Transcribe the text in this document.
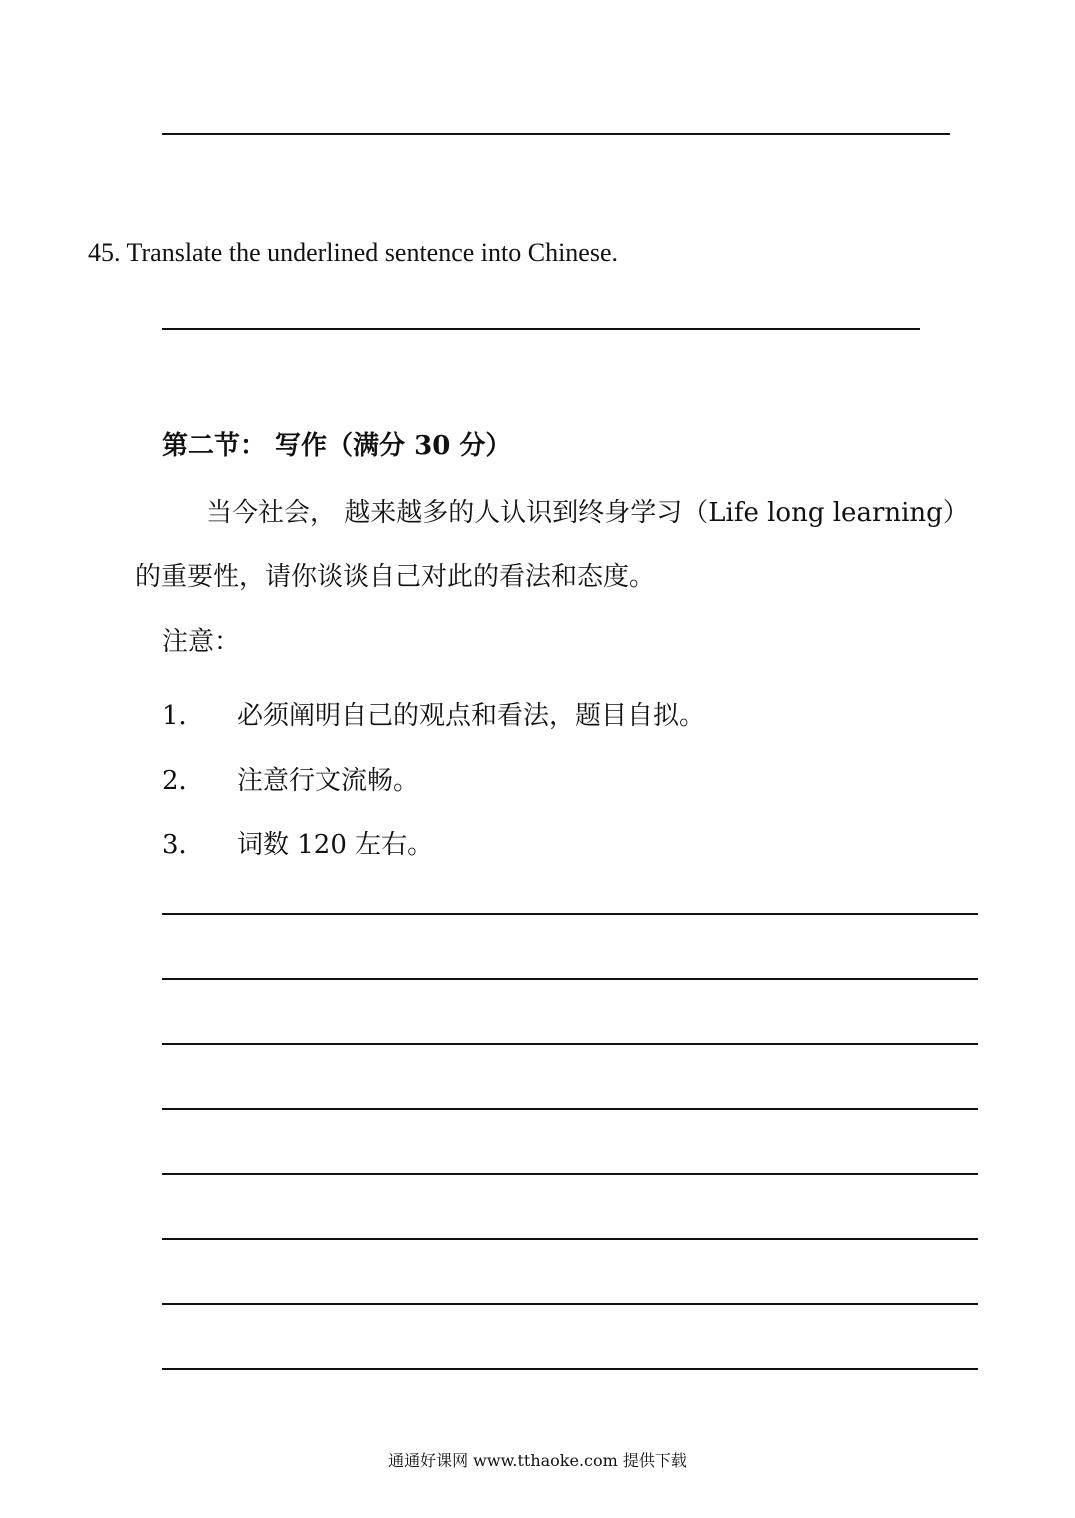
45. Translate the underlined sentence into Chinese.
第二节： 写作（满分 30 分）
当今社会， 越来越多的人认识到终身学习（Life long learning）
的重要性，请你谈谈自己对此的看法和态度。
注意：
1． 必须阐明自己的观点和看法，题目自拟。
2． 注意行文流畅。
3． 词数 120 左右。
通通好课网 www.tthaoke.com 提供下载
